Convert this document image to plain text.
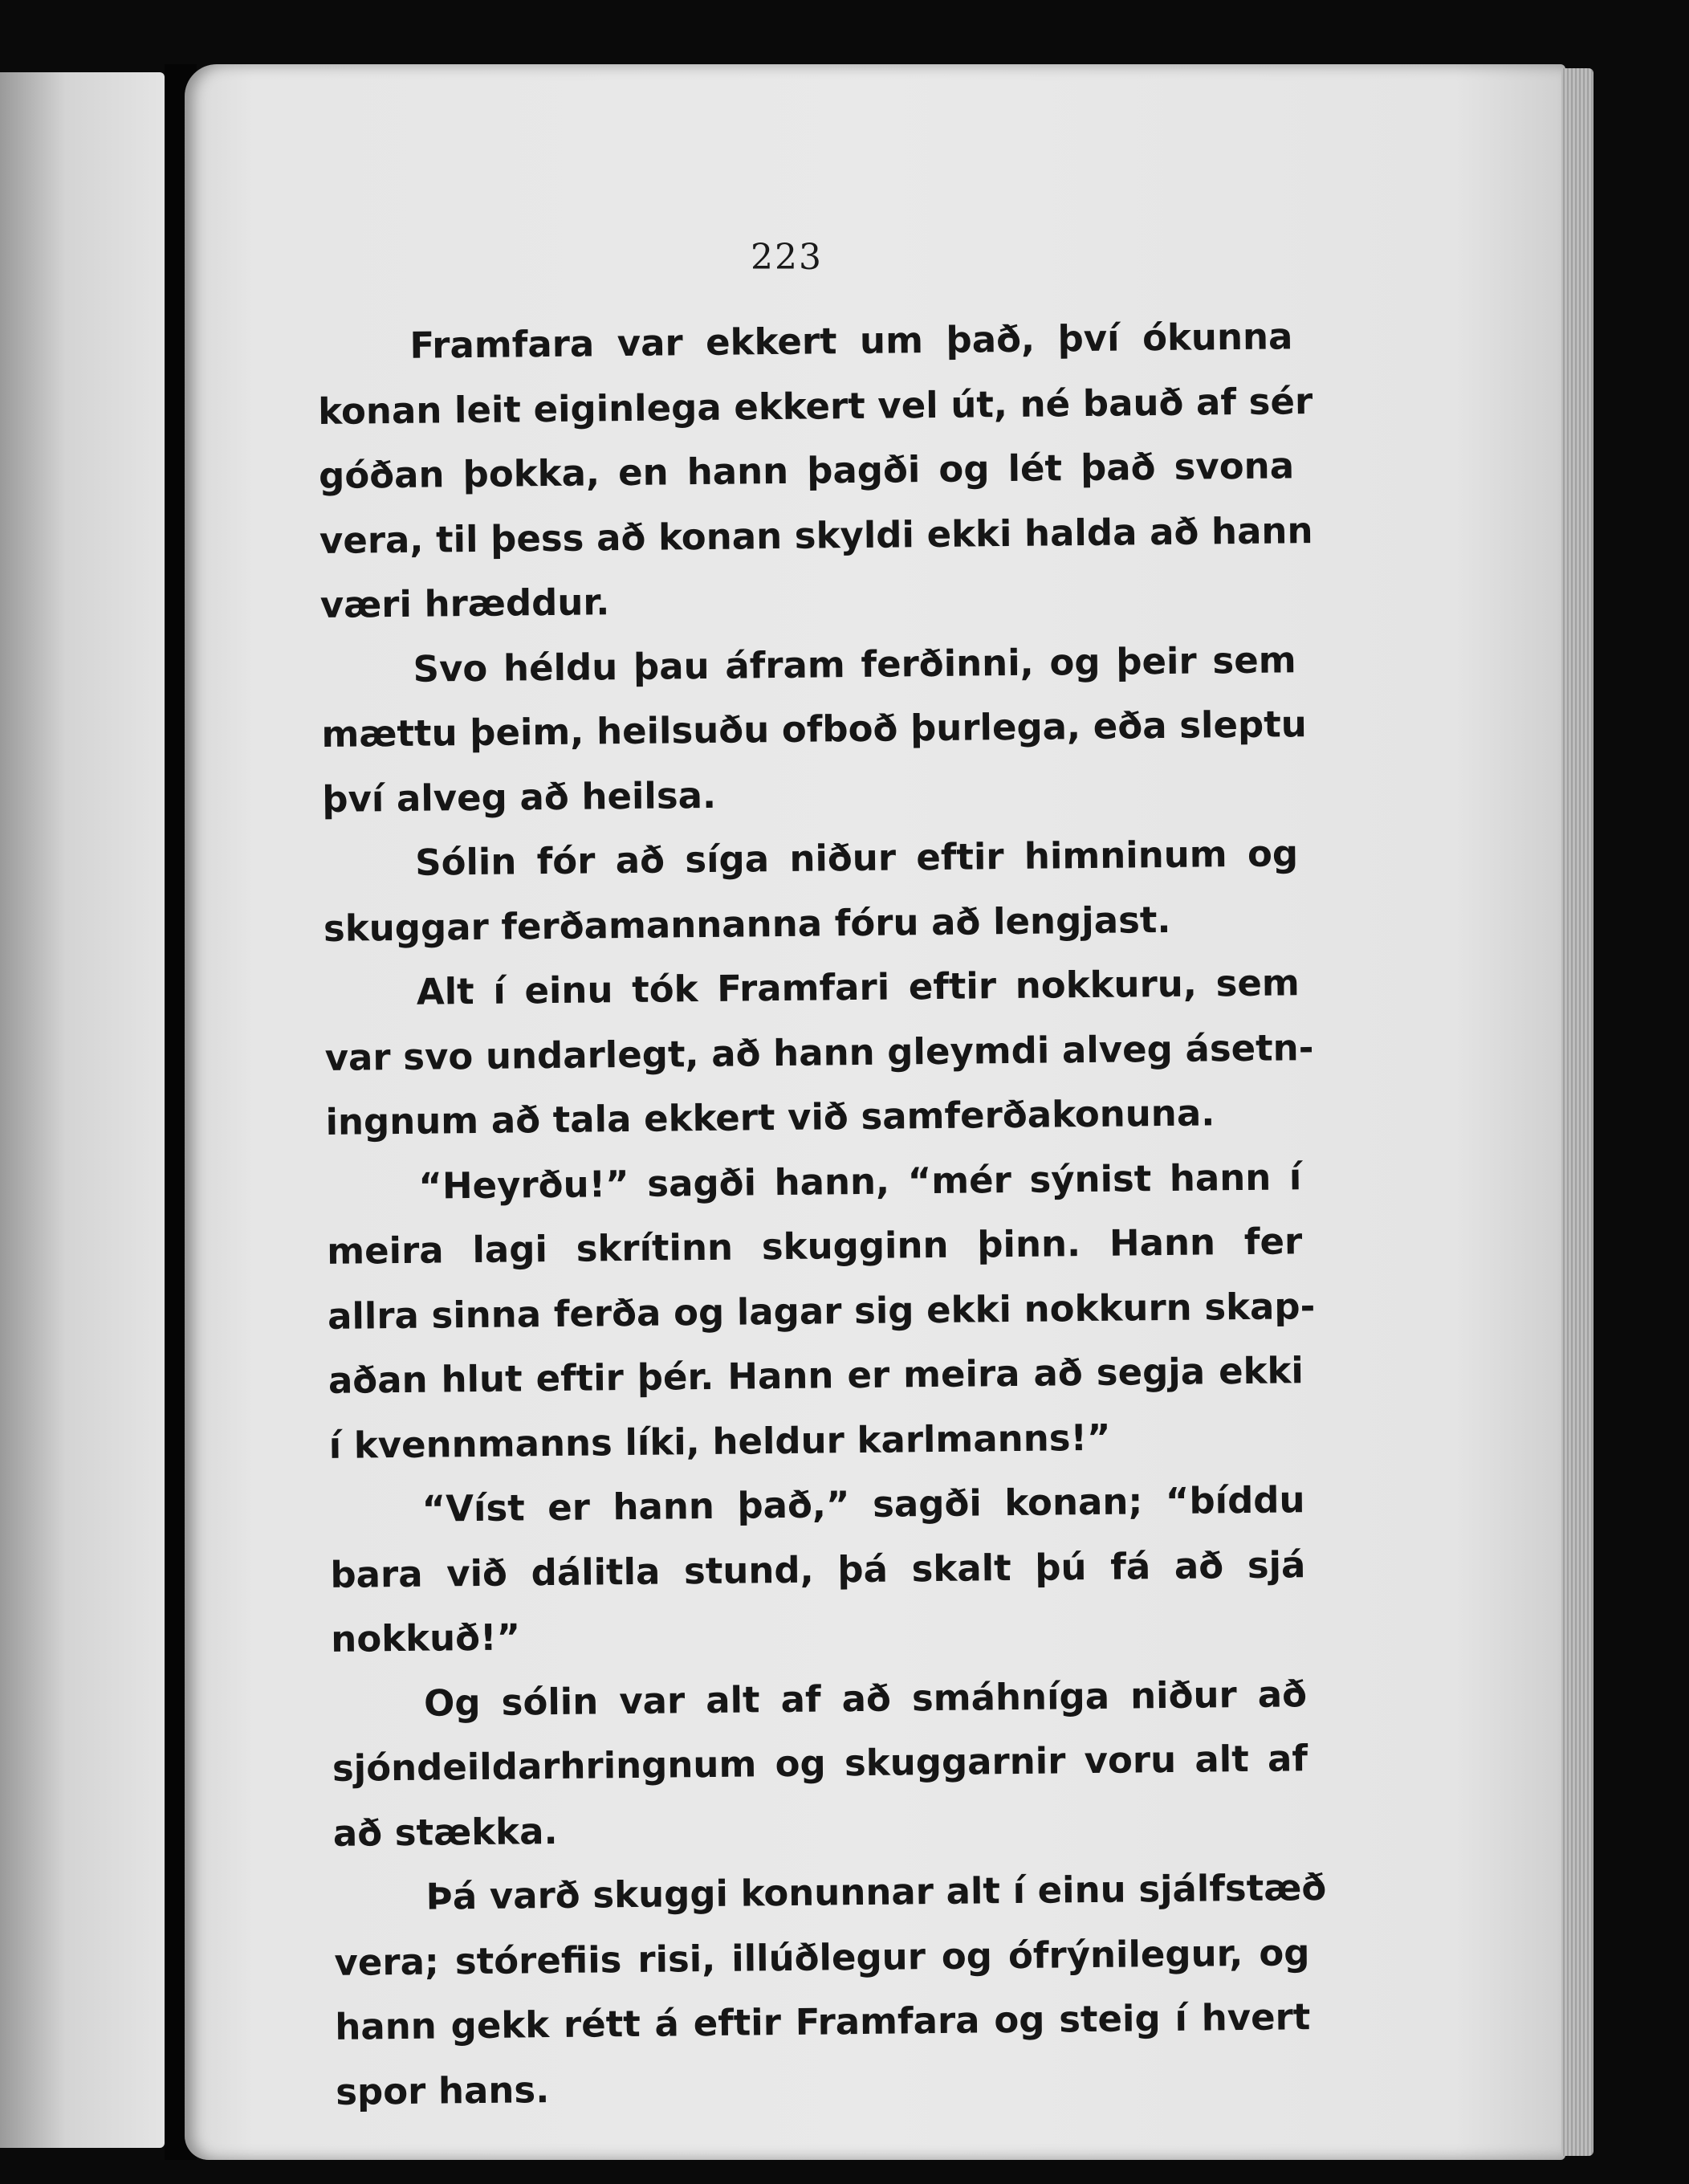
223
Framfara var ekkert um það, því ókunna
konan leit eiginlega ekkert vel út, né bauð af sér
góðan þokka, en hann þagði og lét það svona
vera, til þess að konan skyldi ekki halda að hann
væri hræddur.
Svo héldu þau áfram ferðinni, og þeir sem
mættu þeim, heilsuðu ofboð þurlega, eða sleptu
því alveg að heilsa.
Sólin fór að síga niður eftir himninum og
skuggar ferðamannanna fóru að lengjast.
Alt í einu tók Framfari eftir nokkuru, sem
var svo undarlegt, að hann gleymdi alveg ásetn-
ingnum að tala ekkert við samferðakonuna.
“Heyrðu!” sagði hann, “mér sýnist hann í
meira lagi skrítinn skugginn þinn. Hann fer
allra sinna ferða og lagar sig ekki nokkurn skap-
aðan hlut eftir þér. Hann er meira að segja ekki
í kvennmanns líki, heldur karlmanns!”
“Víst er hann það,” sagði konan; “bíddu
bara við dálitla stund, þá skalt þú fá að sjá
nokkuð!”
Og sólin var alt af að smáhníga niður að
sjóndeildarhringnum og skuggarnir voru alt af
að stækka.
Þá varð skuggi konunnar alt í einu sjálfstæð
vera; stórefiis risi, illúðlegur og ófrýnilegur, og
hann gekk rétt á eftir Framfara og steig í hvert
spor hans.
